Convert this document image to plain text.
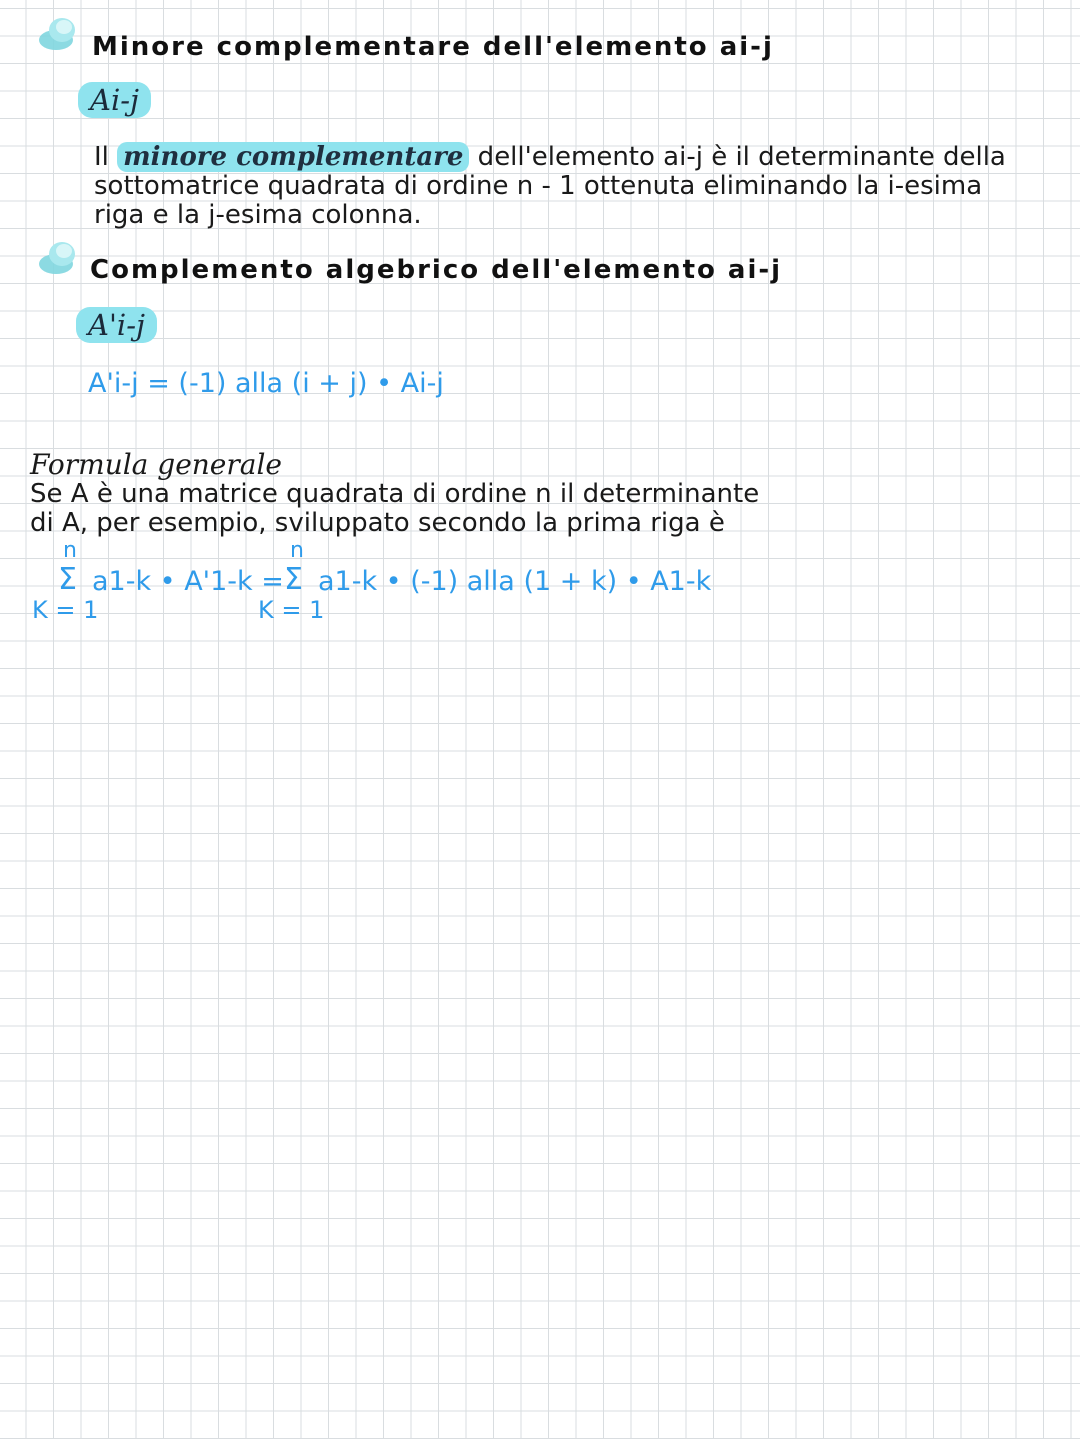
Minore complementare dell'elemento ai-j
Ai-j
Il minore complementare dell'elemento ai-j è il determinante della
sottomatrice quadrata di ordine n - 1 ottenuta eliminando la i-esima
riga e la j-esima colonna.
Complemento algebrico dell'elemento ai-j
A'i-j
A'i-j = (-1) alla (i + j) • Ai-j
Formula generale
Se A è una matrice quadrata di ordine n il determinante
di A, per esempio, sviluppato secondo la prima riga è
n
Σ
K = 1
a1-k • A'1-k =
n
Σ
K = 1
a1-k • (-1) alla (1 + k) • A1-k
